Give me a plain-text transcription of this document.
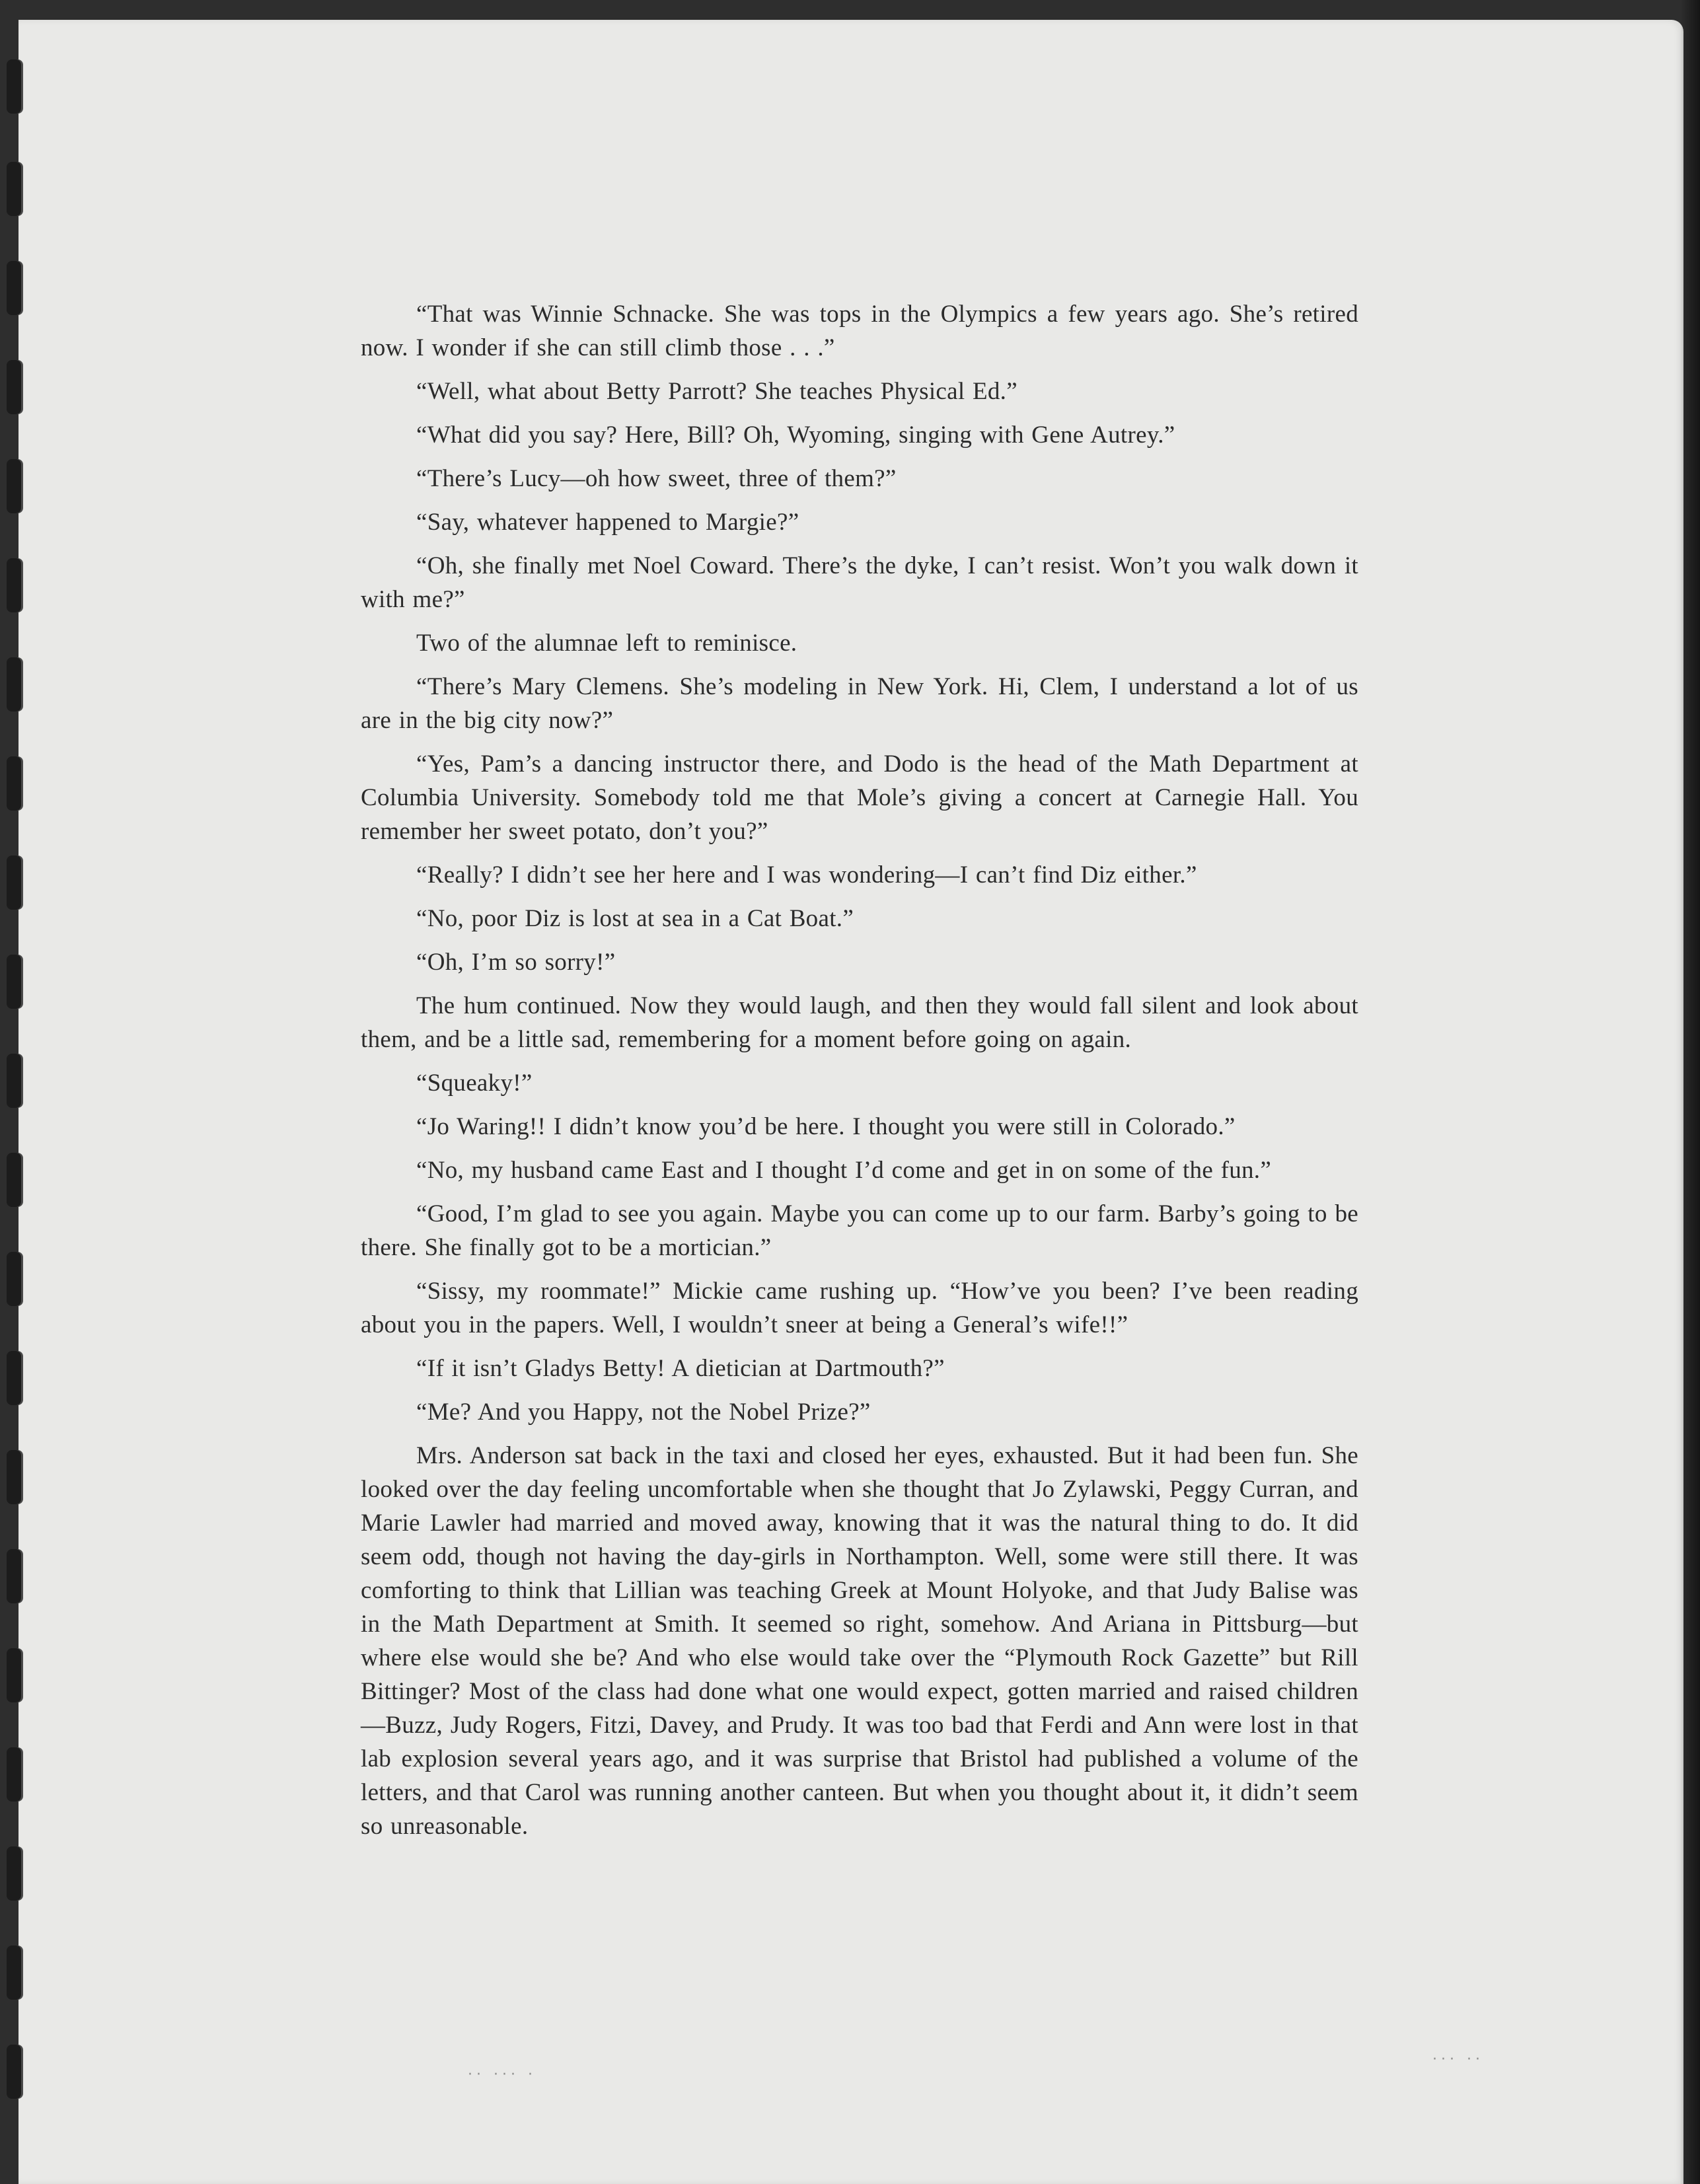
“That was Winnie Schnacke. She was tops in the Olympics a few years ago. She’s retired now. I wonder if she can still climb those . . .”

“Well, what about Betty Parrott? She teaches Physical Ed.”

“What did you say? Here, Bill? Oh, Wyoming, singing with Gene Autrey.”

“There’s Lucy—oh how sweet, three of them?”

“Say, whatever happened to Margie?”

“Oh, she finally met Noel Coward. There’s the dyke, I can’t resist. Won’t you walk down it with me?”

Two of the alumnae left to reminisce.

“There’s Mary Clemens. She’s modeling in New York. Hi, Clem, I understand a lot of us are in the big city now?”

“Yes, Pam’s a dancing instructor there, and Dodo is the head of the Math Department at Columbia University. Somebody told me that Mole’s giving a concert at Carnegie Hall. You remember her sweet potato, don’t you?”

“Really? I didn’t see her here and I was wondering—I can’t find Diz either.”

“No, poor Diz is lost at sea in a Cat Boat.”

“Oh, I’m so sorry!”

The hum continued. Now they would laugh, and then they would fall silent and look about them, and be a little sad, remembering for a moment before going on again.

“Squeaky!”

“Jo Waring!! I didn’t know you’d be here. I thought you were still in Colorado.”

“No, my husband came East and I thought I’d come and get in on some of the fun.”

“Good, I’m glad to see you again. Maybe you can come up to our farm. Barby’s going to be there. She finally got to be a mortician.”

“Sissy, my roommate!” Mickie came rushing up. “How’ve you been? I’ve been reading about you in the papers. Well, I wouldn’t sneer at being a General’s wife!!”

“If it isn’t Gladys Betty! A dietician at Dartmouth?”

“Me? And you Happy, not the Nobel Prize?”

Mrs. Anderson sat back in the taxi and closed her eyes, exhausted. But it had been fun. She looked over the day feeling uncomfortable when she thought that Jo Zylawski, Peggy Curran, and Marie Lawler had married and moved away, knowing that it was the natural thing to do. It did seem odd, though not having the day-girls in Northampton. Well, some were still there. It was comforting to think that Lillian was teaching Greek at Mount Holyoke, and that Judy Balise was in the Math Department at Smith. It seemed so right, somehow. And Ariana in Pittsburg—but where else would she be? And who else would take over the “Plymouth Rock Gazette” but Rill Bittinger? Most of the class had done what one would expect, gotten married and raised children—Buzz, Judy Rogers, Fitzi, Davey, and Prudy. It was too bad that Ferdi and Ann were lost in that lab explosion several years ago, and it was surprise that Bristol had published a volume of the letters, and that Carol was running another canteen. But when you thought about it, it didn’t seem so unreasonable.

·· ··· ·
··· ··
